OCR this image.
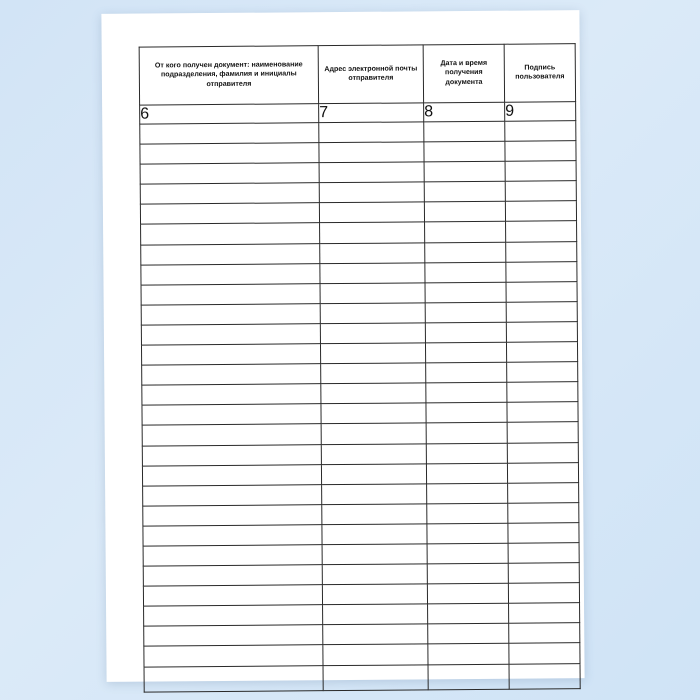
От кого получен документ: наименование подразделения, фамилия и инициалы отправителя	Адрес электронной почты отправителя	Дата и время получения документа	Подпись пользователя
6	7	8	9
